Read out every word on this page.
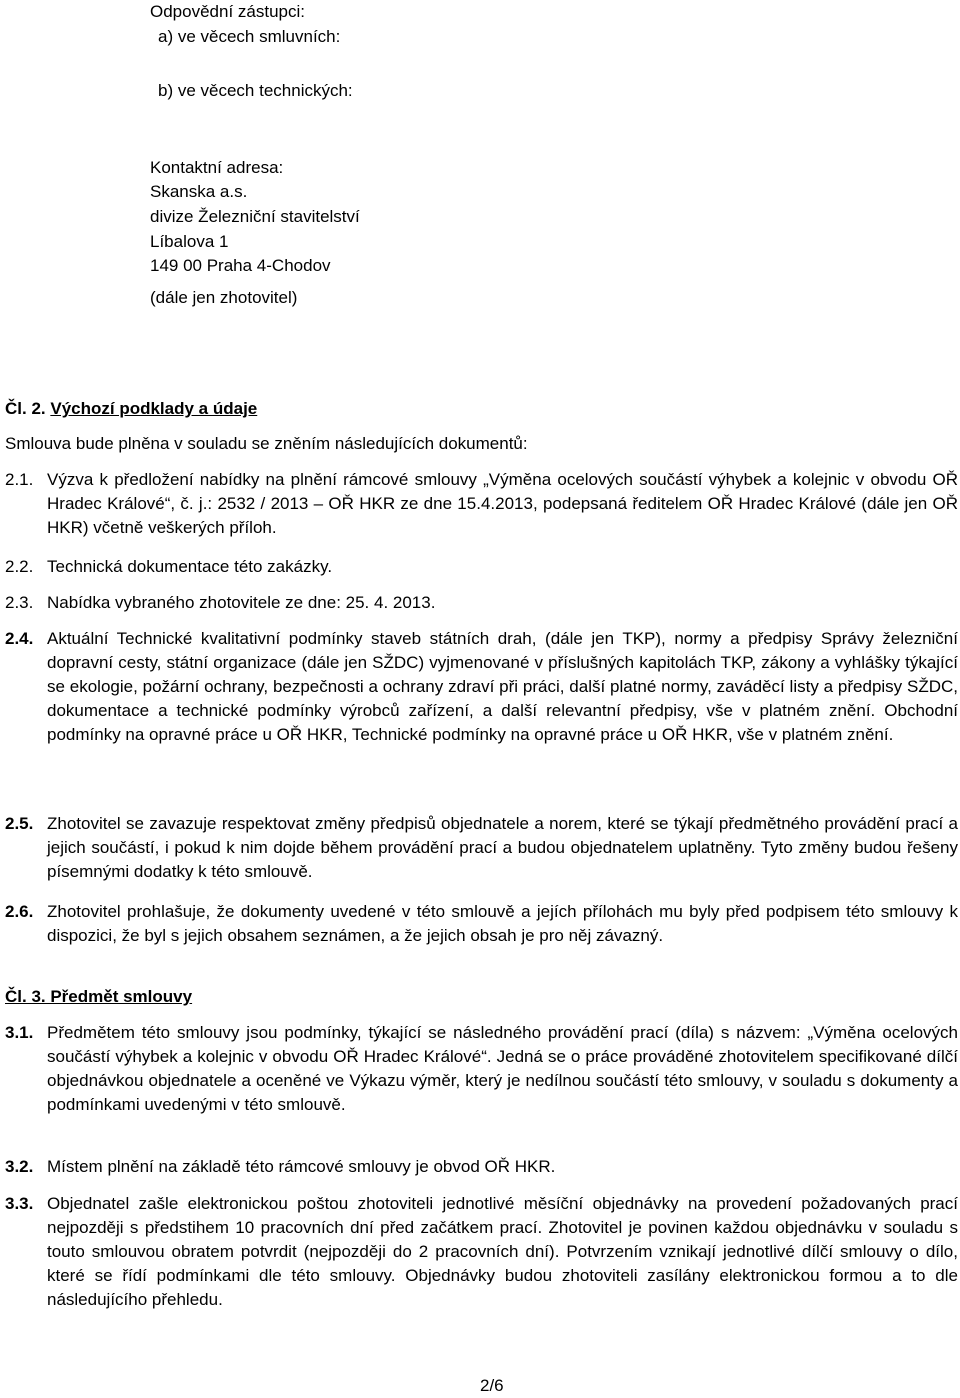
Odpovědní zástupci:
a) ve věcech smluvních:
b) ve věcech technických:
Kontaktní adresa:
Skanska a.s.
divize Železniční stavitelství
Líbalova 1
149 00 Praha 4-Chodov
(dále jen zhotovitel)
Čl. 2. Výchozí podklady a údaje
Smlouva bude plněna v souladu se zněním následujících dokumentů:
2.1. Výzva k předložení nabídky na plnění rámcové smlouvy „Výměna ocelových součástí výhybek a kolejnic v obvodu OŘ Hradec Králové“, č. j.: 2532 / 2013 – OŘ HKR ze dne 15.4.2013, podepsaná ředitelem OŘ Hradec Králové (dále jen OŘ HKR) včetně veškerých příloh.
2.2. Technická dokumentace této zakázky.
2.3. Nabídka vybraného zhotovitele ze dne: 25. 4. 2013.
2.4. Aktuální Technické kvalitativní podmínky staveb státních drah, (dále jen TKP), normy a předpisy Správy železniční dopravní cesty, státní organizace (dále jen SŽDC) vyjmenované v příslušných kapitolách TKP, zákony a vyhlášky týkající se ekologie, požární ochrany, bezpečnosti a ochrany zdraví při práci, další platné normy, zaváděcí listy a předpisy SŽDC, dokumentace a technické podmínky výrobců zařízení, a další relevantní předpisy, vše v platném znění. Obchodní podmínky na opravné práce u OŘ HKR, Technické podmínky na opravné práce u OŘ HKR, vše v platném znění.
2.5. Zhotovitel se zavazuje respektovat změny předpisů objednatele a norem, které se týkají předmětného provádění prací a jejich součástí, i pokud k nim dojde během provádění prací a budou objednatelem uplatněny. Tyto změny budou řešeny písemnými dodatky k této smlouvě.
2.6. Zhotovitel prohlašuje, že dokumenty uvedené v této smlouvě a jejích přílohách mu byly před podpisem této smlouvy k dispozici, že byl s jejich obsahem seznámen, a že jejich obsah je pro něj závazný.
Čl. 3. Předmět smlouvy
3.1. Předmětem této smlouvy jsou podmínky, týkající se následného provádění prací (díla) s názvem: „Výměna ocelových součástí výhybek a kolejnic v obvodu OŘ Hradec Králové“. Jedná se o práce prováděné zhotovitelem specifikované dílčí objednávkou objednatele a oceněné ve Výkazu výměr, který je nedílnou součástí této smlouvy, v souladu s dokumenty a podmínkami uvedenými v této smlouvě.
3.2. Místem plnění na základě této rámcové smlouvy je obvod OŘ HKR.
3.3. Objednatel zašle elektronickou poštou zhotoviteli jednotlivé měsíční objednávky na provedení požadovaných prací nejpozději s předstihem 10 pracovních dní před začátkem prací. Zhotovitel je povinen každou objednávku v souladu s touto smlouvou obratem potvrdit (nejpozději do 2 pracovních dní). Potvrzením vznikají jednotlivé dílčí smlouvy o dílo, které se řídí podmínkami dle této smlouvy. Objednávky budou zhotoviteli zasílány elektronickou formou a to dle následujícího přehledu.
2/6
